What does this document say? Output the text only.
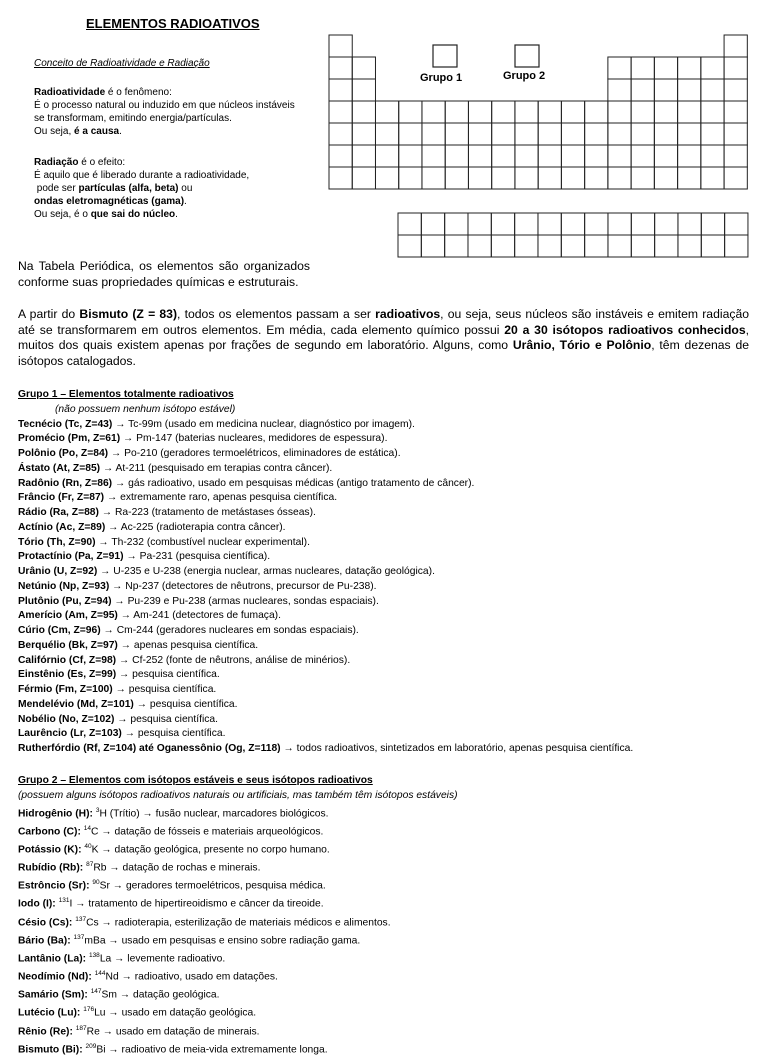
ELEMENTOS RADIOATIVOS
Conceito de Radioatividade e Radiação
Radioatividade é o fenômeno:
É o processo natural ou induzido em que núcleos instáveis
se transformam, emitindo energia/partículas.
Ou seja, é a causa.
Radiação é o efeito:
É aquilo que é liberado durante a radioatividade,
pode ser partículas (alfa, beta) ou
ondas eletromagnéticas (gama).
Ou seja, é o que sai do núcleo.
Grupo 1	Grupo 2
Na Tabela Periódica, os elementos são organizados conforme suas propriedades químicas e estruturais.
A partir do Bismuto (Z = 83), todos os elementos passam a ser radioativos, ou seja, seus núcleos são instáveis e emitem radiação até se transformarem em outros elementos. Em média, cada elemento químico possui 20 a 30 isótopos radioativos conhecidos, muitos dos quais existem apenas por frações de segundo em laboratório. Alguns, como Urânio, Tório e Polônio, têm dezenas de isótopos catalogados.
Grupo 1 – Elementos totalmente radioativos
(não possuem nenhum isótopo estável)
Tecnécio (Tc, Z=43) → Tc-99m (usado em medicina nuclear, diagnóstico por imagem).
Promécio (Pm, Z=61) → Pm-147 (baterias nucleares, medidores de espessura).
Polônio (Po, Z=84) → Po-210 (geradores termoelétricos, eliminadores de estática).
Ástato (At, Z=85) → At-211 (pesquisado em terapias contra câncer).
Radônio (Rn, Z=86) → gás radioativo, usado em pesquisas médicas (antigo tratamento de câncer).
Frâncio (Fr, Z=87) → extremamente raro, apenas pesquisa científica.
Rádio (Ra, Z=88) → Ra-223 (tratamento de metástases ósseas).
Actínio (Ac, Z=89) → Ac-225 (radioterapia contra câncer).
Tório (Th, Z=90) → Th-232 (combustível nuclear experimental).
Protactínio (Pa, Z=91) → Pa-231 (pesquisa científica).
Urânio (U, Z=92) → U-235 e U-238 (energia nuclear, armas nucleares, datação geológica).
Netúnio (Np, Z=93) → Np-237 (detectores de nêutrons, precursor de Pu-238).
Plutônio (Pu, Z=94) → Pu-239 e Pu-238 (armas nucleares, sondas espaciais).
Amerício (Am, Z=95) → Am-241 (detectores de fumaça).
Cúrio (Cm, Z=96) → Cm-244 (geradores nucleares em sondas espaciais).
Berquélio (Bk, Z=97) → apenas pesquisa científica.
Califórnio (Cf, Z=98) → Cf-252 (fonte de nêutrons, análise de minérios).
Einstênio (Es, Z=99) → pesquisa científica.
Férmio (Fm, Z=100) → pesquisa científica.
Mendelévio (Md, Z=101) → pesquisa científica.
Nobélio (No, Z=102) → pesquisa científica.
Laurêncio (Lr, Z=103) → pesquisa científica.
Rutherfórdio (Rf, Z=104) até Oganessônio (Og, Z=118) → todos radioativos, sintetizados em laboratório, apenas pesquisa científica.
Grupo 2 – Elementos com isótopos estáveis e seus isótopos radioativos
(possuem alguns isótopos radioativos naturais ou artificiais, mas também têm isótopos estáveis)
Hidrogênio (H): $^3$H (Trítio) → fusão nuclear, marcadores biológicos.
Carbono (C): $^{14}$C → datação de fósseis e materiais arqueológicos.
Potássio (K): $^{40}$K → datação geológica, presente no corpo humano.
Rubídio (Rb): $^{87}$Rb → datação de rochas e minerais.
Estrôncio (Sr): $^{90}$Sr → geradores termoelétricos, pesquisa médica.
Iodo (I): $^{131}$I → tratamento de hipertireoidismo e câncer da tireoide.
Césio (Cs): $^{137}$Cs → radioterapia, esterilização de materiais médicos e alimentos.
Bário (Ba): $^{137}$mBa → usado em pesquisas e ensino sobre radiação gama.
Lantânio (La): $^{138}$La → levemente radioativo.
Neodímio (Nd): $^{144}$Nd → radioativo, usado em datações.
Samário (Sm): $^{147}$Sm → datação geológica.
Lutécio (Lu): $^{176}$Lu → usado em datação geológica.
Rênio (Re): $^{187}$Re → usado em datação de minerais.
Bismuto (Bi): $^{209}$Bi → radioativo de meia-vida extremamente longa.
